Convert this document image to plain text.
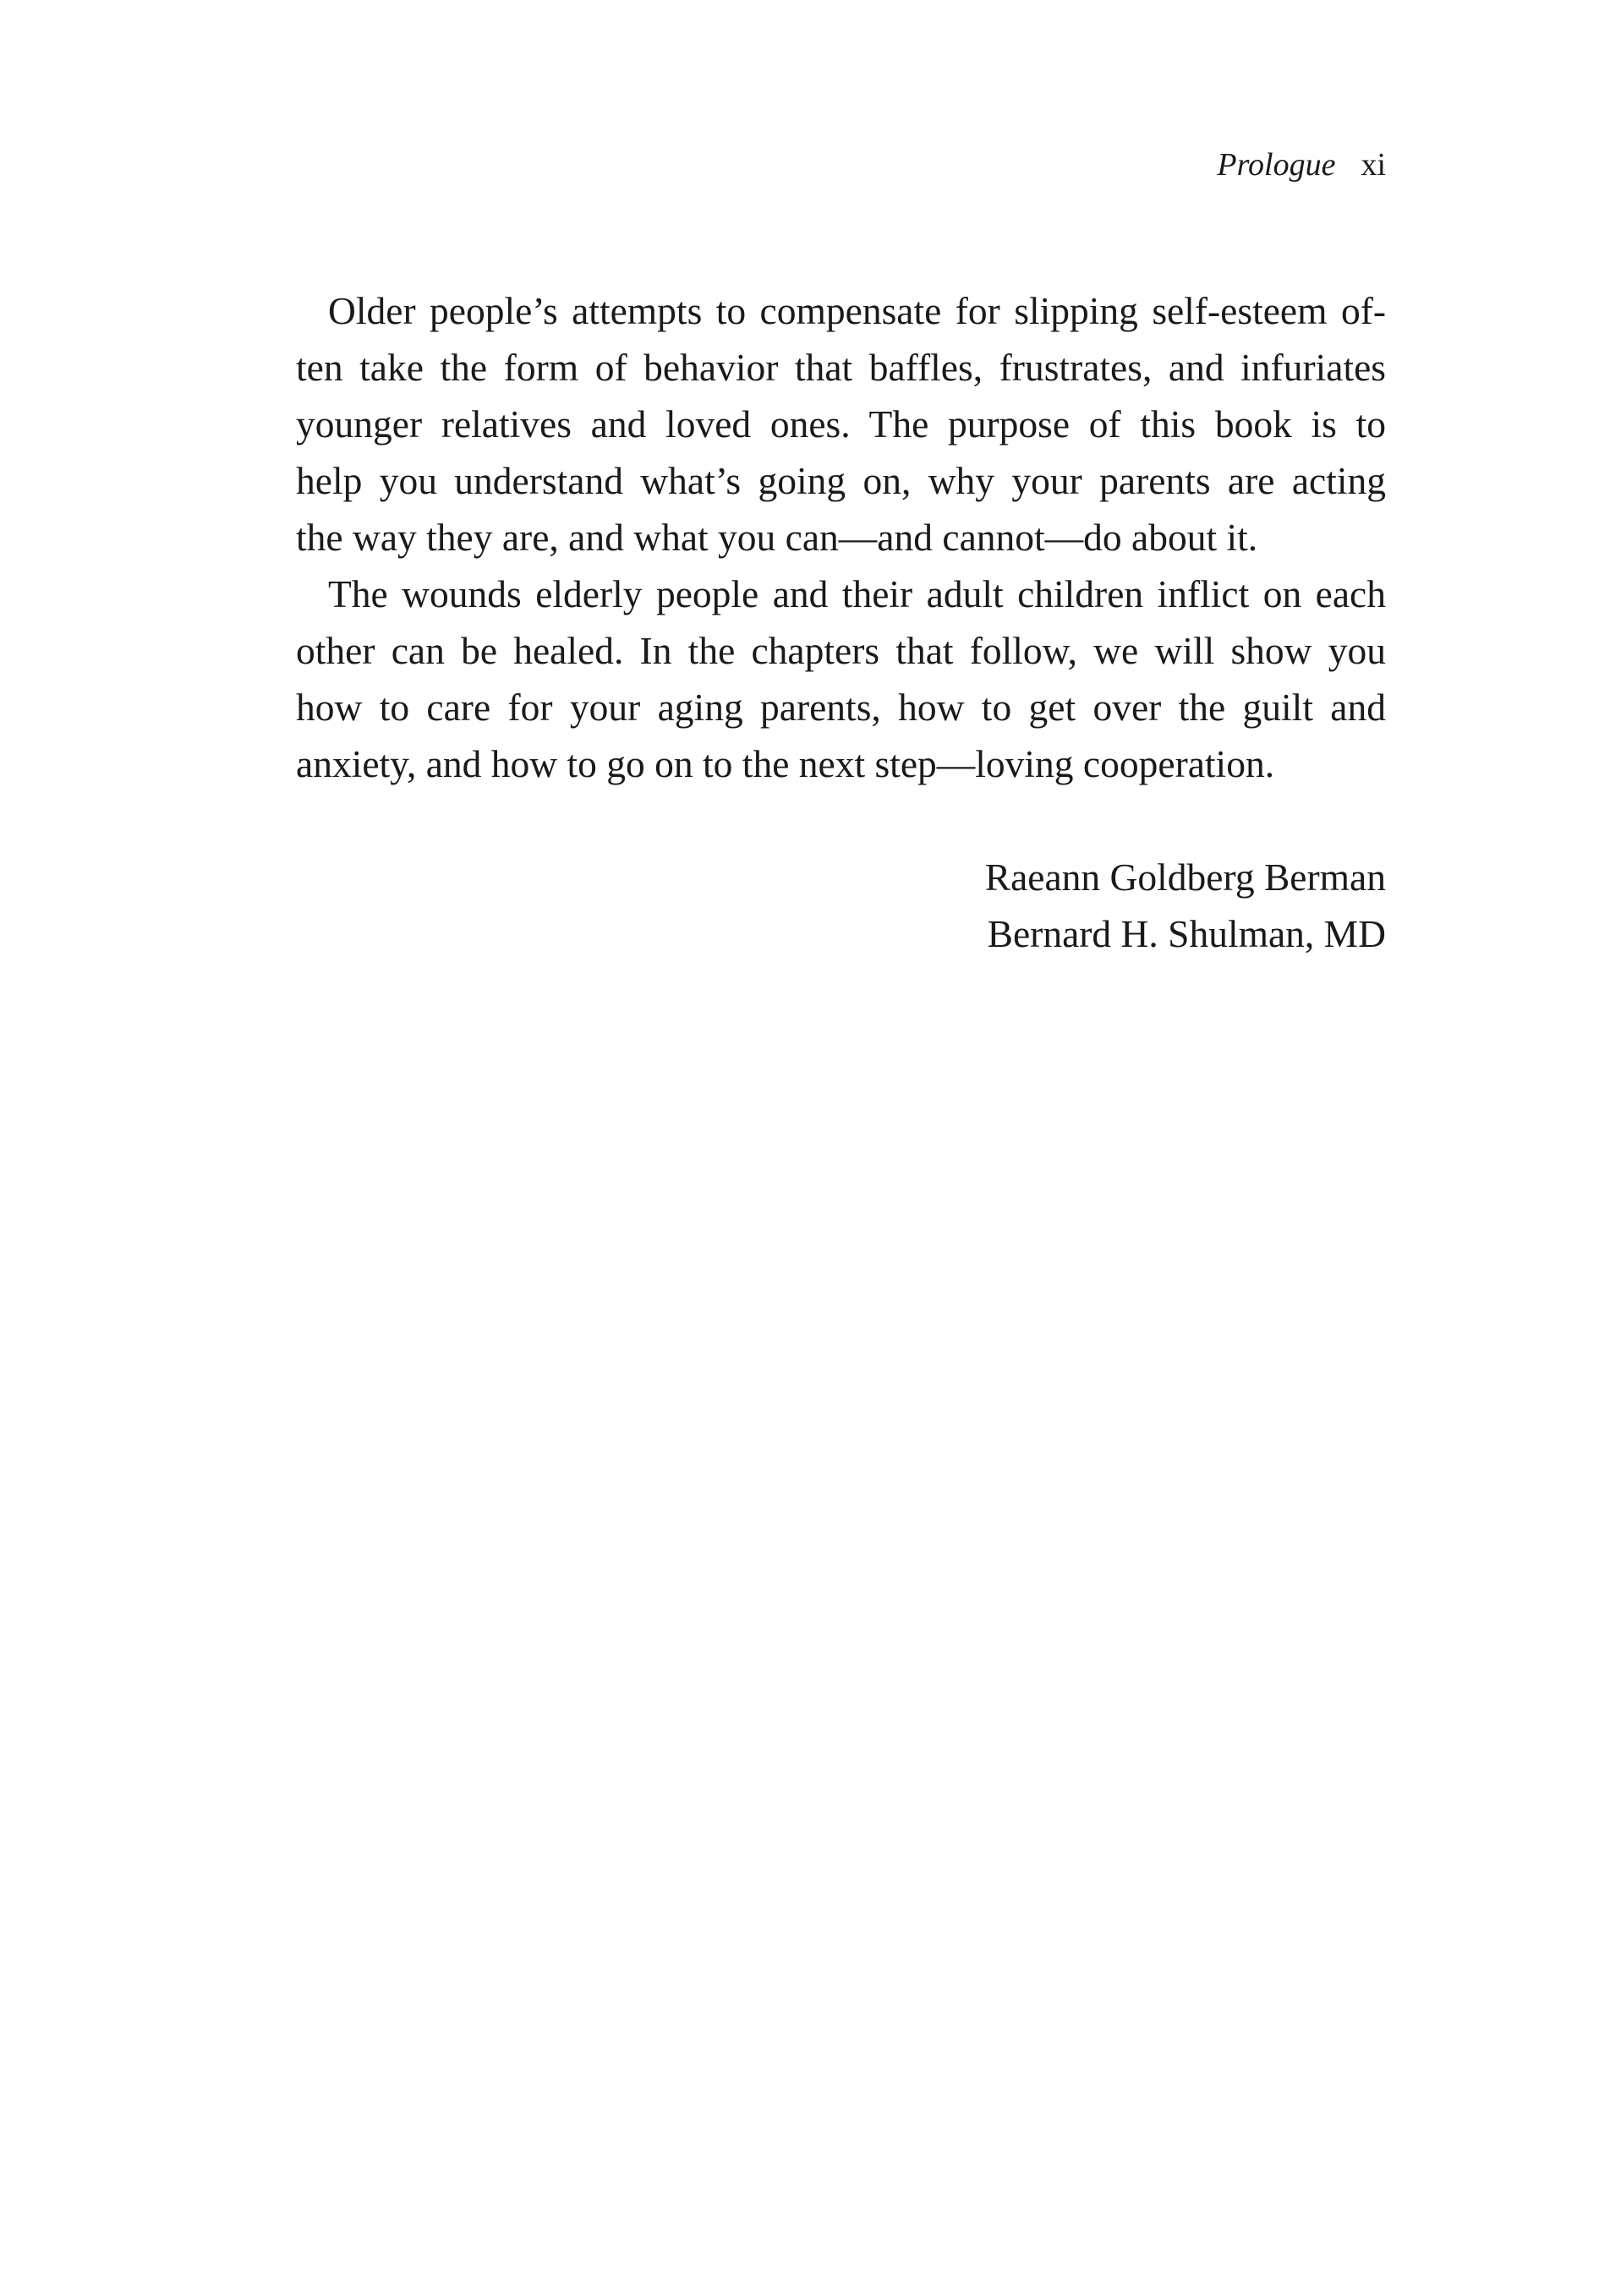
Prologue xi
Older people’s attempts to compensate for slipping self-esteem of-
ten take the form of behavior that baffles, frustrates, and infuriates
younger relatives and loved ones. The purpose of this book is to
help you understand what’s going on, why your parents are acting
the way they are, and what you can—and cannot—do about it.
The wounds elderly people and their adult children inflict on each
other can be healed. In the chapters that follow, we will show you
how to care for your aging parents, how to get over the guilt and
anxiety, and how to go on to the next step—loving cooperation.
Raeann Goldberg Berman
Bernard H. Shulman, MD
